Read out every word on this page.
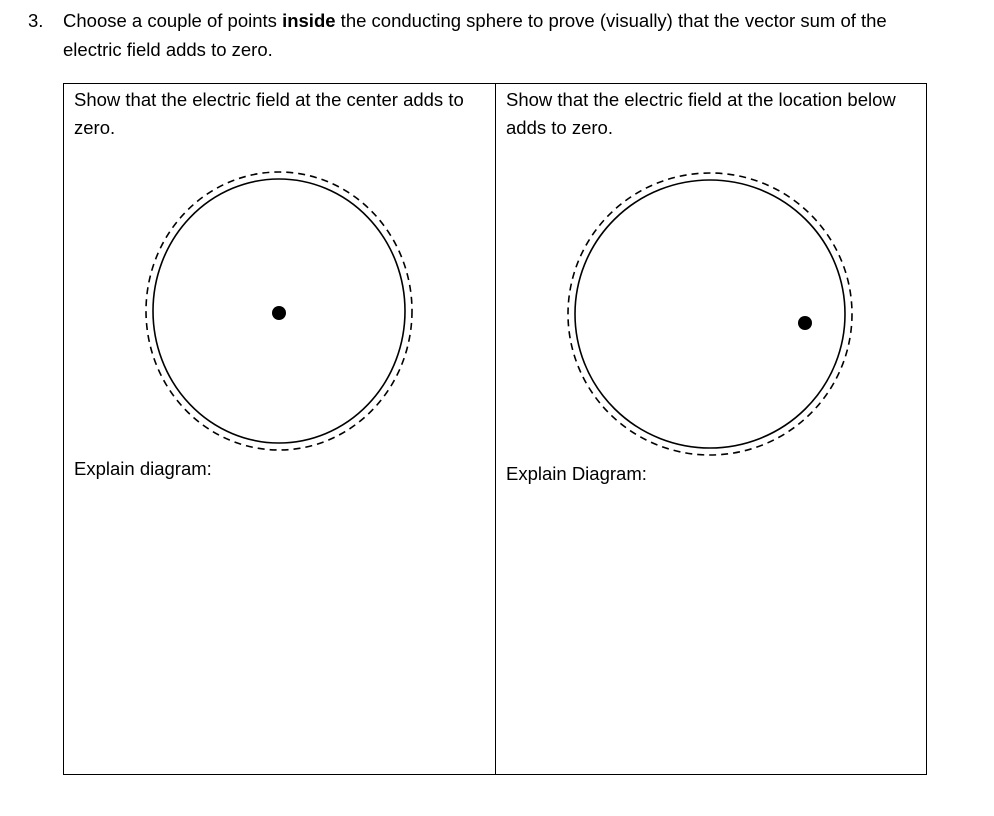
3. Choose a couple of points inside the conducting sphere to prove (visually) that the vector sum of the electric field adds to zero.
Show that the electric field at the center adds to zero.
Explain diagram:
Show that the electric field at the location below adds to zero.
Explain Diagram:
